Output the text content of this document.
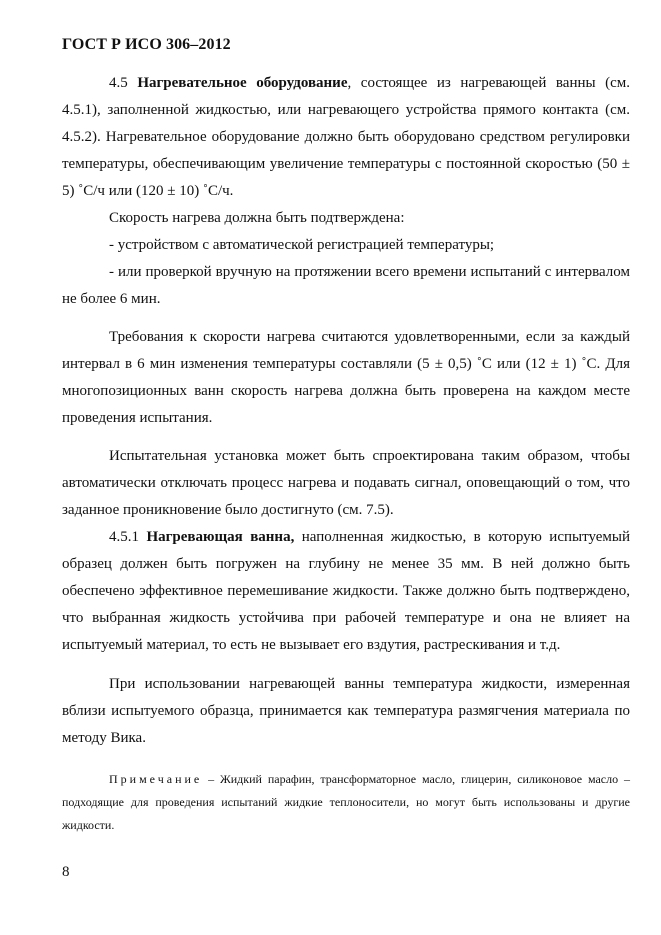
ГОСТ Р ИСО 306–2012

4.5 Нагревательное оборудование, состоящее из нагревающей ванны (см. 4.5.1), заполненной жидкостью, или нагревающего устройства прямого контакта (см. 4.5.2). Нагревательное оборудование должно быть оборудовано средством регулировки температуры, обеспечивающим увеличение температуры с постоянной скоростью (50 ± 5) ˚С/ч или (120 ± 10) ˚С/ч.

Скорость нагрева должна быть подтверждена:

- устройством с автоматической регистрацией температуры;

- или проверкой вручную на протяжении всего времени испытаний с интервалом не более 6 мин.

Требования к скорости нагрева считаются удовлетворенными, если за каждый интервал в 6 мин изменения температуры составляли (5 ± 0,5) ˚С или (12 ± 1) ˚С. Для многопозиционных ванн скорость нагрева должна быть проверена на каждом месте проведения испытания.

Испытательная установка может быть спроектирована таким образом, чтобы автоматически отключать процесс нагрева и подавать сигнал, оповещающий о том, что заданное проникновение было достигнуто (см. 7.5).

4.5.1 Нагревающая ванна, наполненная жидкостью, в которую испытуемый образец должен быть погружен на глубину не менее 35 мм. В ней должно быть обеспечено эффективное перемешивание жидкости. Также должно быть подтверждено, что выбранная жидкость устойчива при рабочей температуре и она не влияет на испытуемый материал, то есть не вызывает его вздутия, растрескивания и т.д.

При использовании нагревающей ванны температура жидкости, измеренная вблизи испытуемого образца, принимается как температура размягчения материала по методу Вика.

Примечание – Жидкий парафин, трансформаторное масло, глицерин, силиконовое масло – подходящие для проведения испытаний жидкие теплоносители, но могут быть использованы и другие жидкости.
8
